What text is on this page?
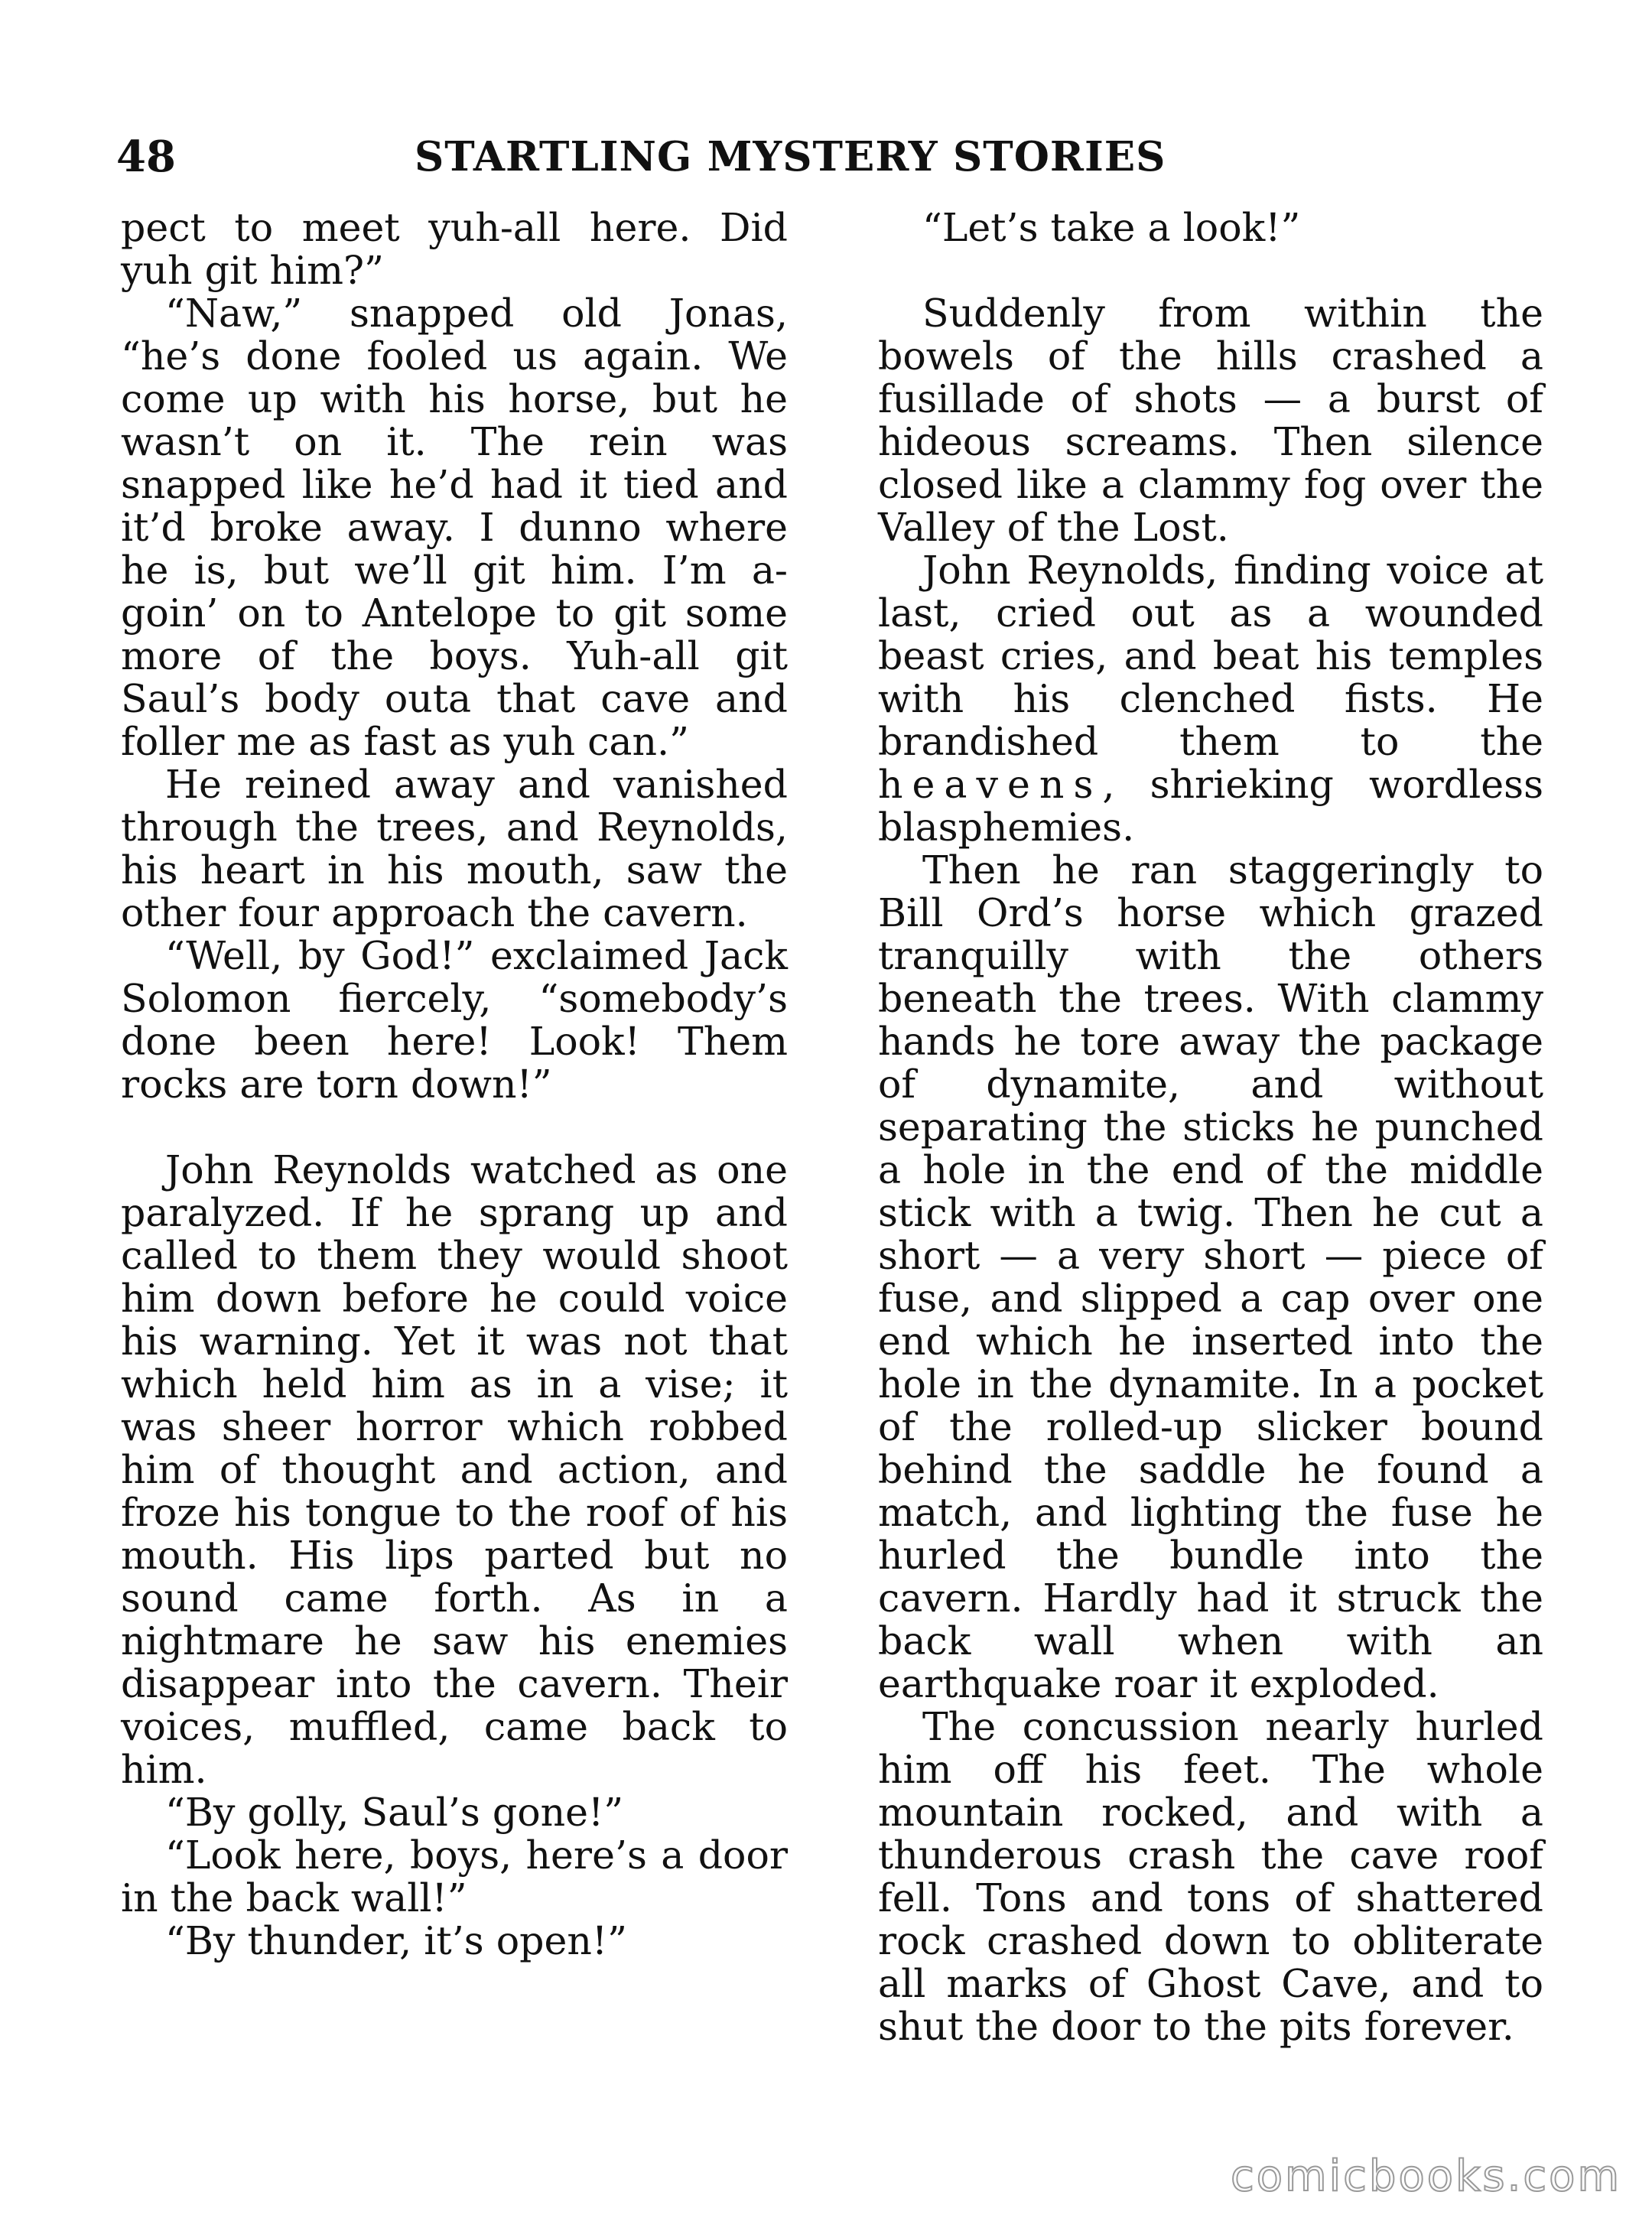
48	STARTLING MYSTERY STORIES

pect to meet yuh-all here. Did yuh git him?”

“Naw,” snapped old Jonas, “he’s done fooled us again. We come up with his horse, but he wasn’t on it. The rein was snapped like he’d had it tied and it’d broke away. I dunno where he is, but we’ll git him. I’m a-goin’ on to Antelope to git some more of the boys. Yuh-all git Saul’s body outa that cave and foller me as fast as yuh can.”

He reined away and vanished through the trees, and Reynolds, his heart in his mouth, saw the other four approach the cavern.

“Well, by God!” exclaimed Jack Solomon fiercely, “somebody’s done been here! Look! Them rocks are torn down!”

John Reynolds watched as one paralyzed. If he sprang up and called to them they would shoot him down before he could voice his warning. Yet it was not that which held him as in a vise; it was sheer horror which robbed him of thought and action, and froze his tongue to the roof of his mouth. His lips parted but no sound came forth. As in a nightmare he saw his enemies disappear into the cavern. Their voices, muffled, came back to him.

“By golly, Saul’s gone!”

“Look here, boys, here’s a door in the back wall!”

“By thunder, it’s open!”

“Let’s take a look!”

Suddenly from within the bowels of the hills crashed a fusillade of shots — a burst of hideous screams. Then silence closed like a clammy fog over the Valley of the Lost.

John Reynolds, finding voice at last, cried out as a wounded beast cries, and beat his temples with his clenched fists. He brandished them to the heavens, shrieking wordless blasphemies.

Then he ran staggeringly to Bill Ord’s horse which grazed tranquilly with the others beneath the trees. With clammy hands he tore away the package of dynamite, and without separating the sticks he punched a hole in the end of the middle stick with a twig. Then he cut a short — a very short — piece of fuse, and slipped a cap over one end which he inserted into the hole in the dynamite. In a pocket of the rolled-up slicker bound behind the saddle he found a match, and lighting the fuse he hurled the bundle into the cavern. Hardly had it struck the back wall when with an earthquake roar it exploded.

The concussion nearly hurled him off his feet. The whole mountain rocked, and with a thunderous crash the cave roof fell. Tons and tons of shattered rock crashed down to obliterate all marks of Ghost Cave, and to shut the door to the pits forever.

comicbooks.com
